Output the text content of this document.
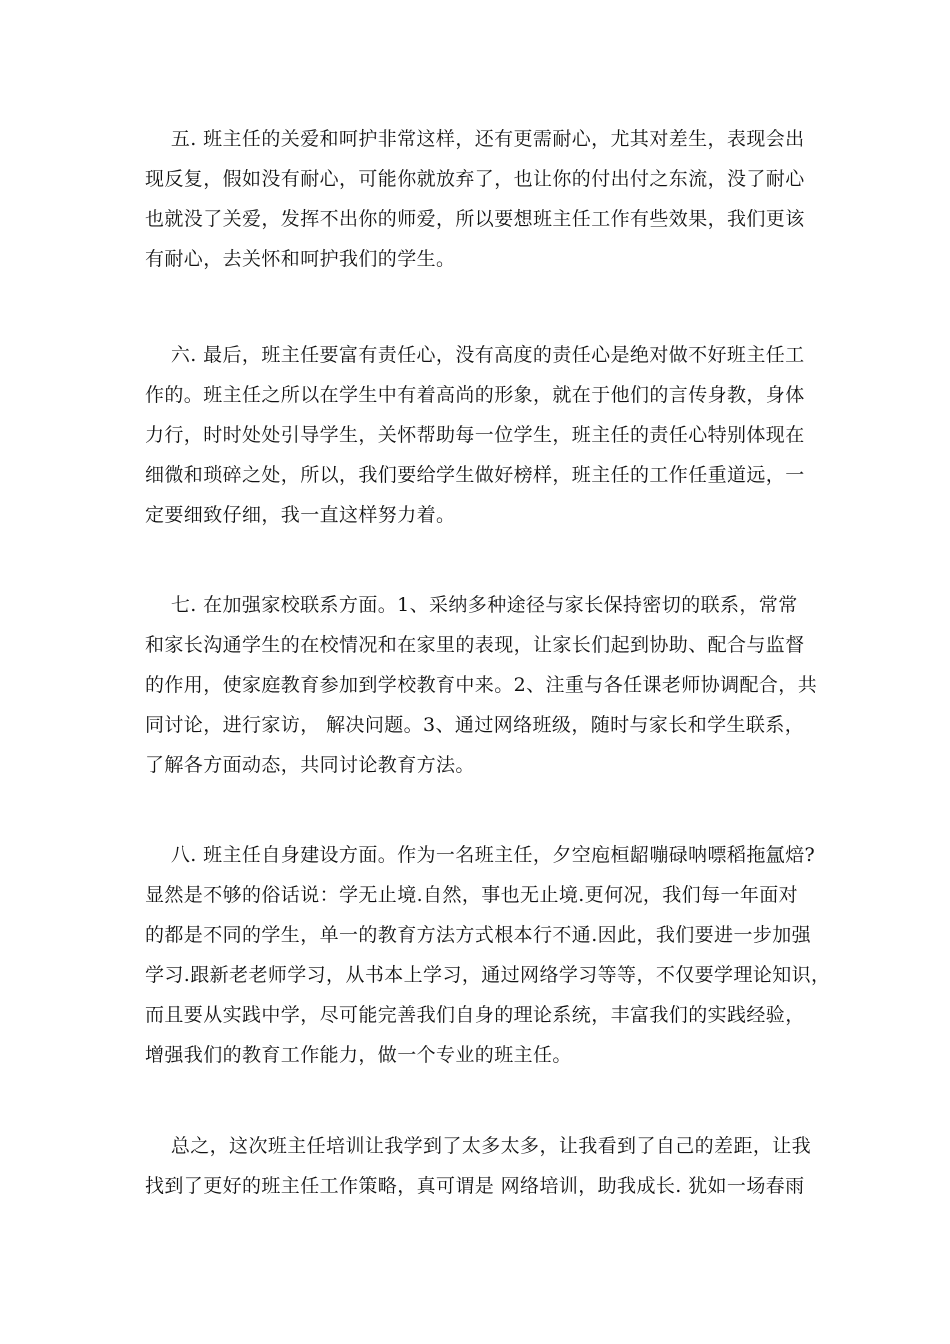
　 五. 班主任的关爱和呵护非常这样，还有更需耐心，尤其对差生，表现会出
现反复，假如没有耐心，可能你就放弃了，也让你的付出付之东流，没了耐心
也就没了关爱，发挥不出你的师爱，所以要想班主任工作有些效果，我们更该
有耐心，去关怀和呵护我们的学生。
　 六. 最后，班主任要富有责任心，没有高度的责任心是绝对做不好班主任工
作的。班主任之所以在学生中有着高尚的形象，就在于他们的言传身教，身体
力行，时时处处引导学生，关怀帮助每一位学生，班主任的责任心特别体现在
细微和琐碎之处，所以，我们要给学生做好榜样，班主任的工作任重道远，一
定要细致仔细，我一直这样努力着。
　 七. 在加强家校联系方面。1、采纳多种途径与家长保持密切的联系，常常
和家长沟通学生的在校情况和在家里的表现，让家长们起到协助、配合与监督
的作用，使家庭教育参加到学校教育中来。2、注重与各任课老师协调配合，共
同讨论，进行家访， 解决问题。3、通过网络班级，随时与家长和学生联系，
了解各方面动态，共同讨论教育方法。
　 八. 班主任自身建设方面。作为一名班主任，夕空庖桓龆嘣碌呐嘌稻拖氲焙?
显然是不够的俗话说：学无止境.自然，事也无止境.更何况，我们每一年面对
的都是不同的学生，单一的教育方法方式根本行不通.因此，我们要进一步加强
学习.跟新老老师学习，从书本上学习，通过网络学习等等，不仅要学理论知识，
而且要从实践中学，尽可能完善我们自身的理论系统，丰富我们的实践经验，
增强我们的教育工作能力，做一个专业的班主任。
　 总之，这次班主任培训让我学到了太多太多，让我看到了自己的差距，让我
找到了更好的班主任工作策略，真可谓是 网络培训，助我成长. 犹如一场春雨
